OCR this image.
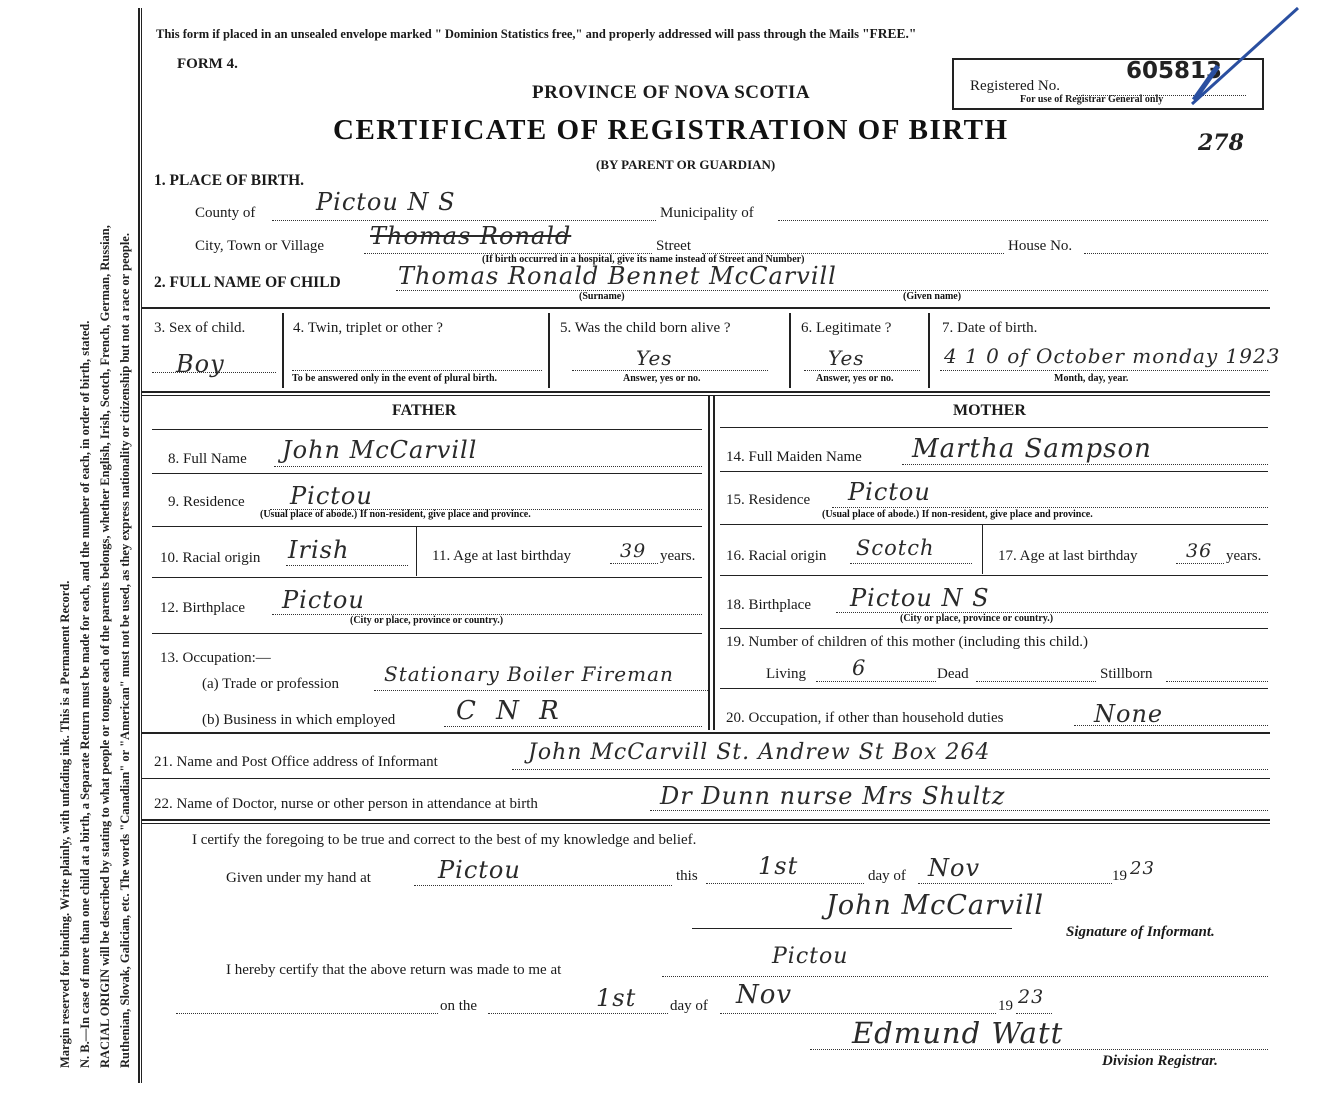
Margin reserved for binding. Write plainly, with unfading ink. This is a Permanent Record. N. B.—In case of more than one child at a birth, a Separate Return must be made for each, and the number of each, in order of birth, stated. RACIAL ORIGIN will be described by stating to what people or tongue each of the parents belongs, whether English, Irish, Scotch, French, German, Russian, Ruthenian, Slovak, Galician, etc. The words "Canadian" or "American" must not be used, as they express nationality or citizenship but not a race or people.
This form if placed in an unsealed envelope marked " Dominion Statistics free," and properly addressed will pass through the Mails "FREE."
FORM 4.
PROVINCE OF NOVA SCOTIA
CERTIFICATE OF REGISTRATION OF BIRTH
(BY PARENT OR GUARDIAN)
Registered No.
605813
For use of Registrar General only
278
1. PLACE OF BIRTH.
County of	Pictou N S	Municipality of
City, Town or Village Thomas Ronald	Street	House No.
(If birth occurred in a hospital, give its name instead of Street and Number)
2. FULL NAME OF CHILD Thomas Ronald Bennet McCarvill
(Surname)	(Given name)
3. Sex of child.
Boy
4. Twin, triplet or other ?
To be answered only in the event of plural birth.
5. Was the child born alive ?
Yes
Answer, yes or no.
6. Legitimate ?
Yes
Answer, yes or no.
7. Date of birth.
4 1 0 of October monday 1923
Month, day, year.
FATHER	MOTHER
8. Full Name John McCarvill
9. Residence Pictou
(Usual place of abode.) If non-resident, give place and province.
10. Racial origin Irish	11. Age at last birthday	39 years.
12. Birthplace Pictou
(City or place, province or country.)
13. Occupation:—
(a) Trade or profession Stationary Boiler Fireman
(b) Business in which employed C N R
14. Full Maiden Name Martha Sampson
15. Residence Pictou
(Usual place of abode.) If non-resident, give place and province.
16. Racial origin Scotch	17. Age at last birthday	36 years.
18. Birthplace Pictou N S
(City or place, province or country.)
19. Number of children of this mother (including this child.)
Living 6	Dead	Stillborn
20. Occupation, if other than household duties	None
21. Name and Post Office address of Informant	John McCarvill St. Andrew St Box 264
22. Name of Doctor, nurse or other person in attendance at birth	Dr Dunn nurse Mrs Shultz
I certify the foregoing to be true and correct to the best of my knowledge and belief.
Given under my hand at	Pictou	this	1st	day of Nov	19 23
John McCarvill
Signature of Informant.
I hereby certify that the above return was made to me at
Pictou
on the	1st day of Nov	19 23
Edmund Watt
Division Registrar.
